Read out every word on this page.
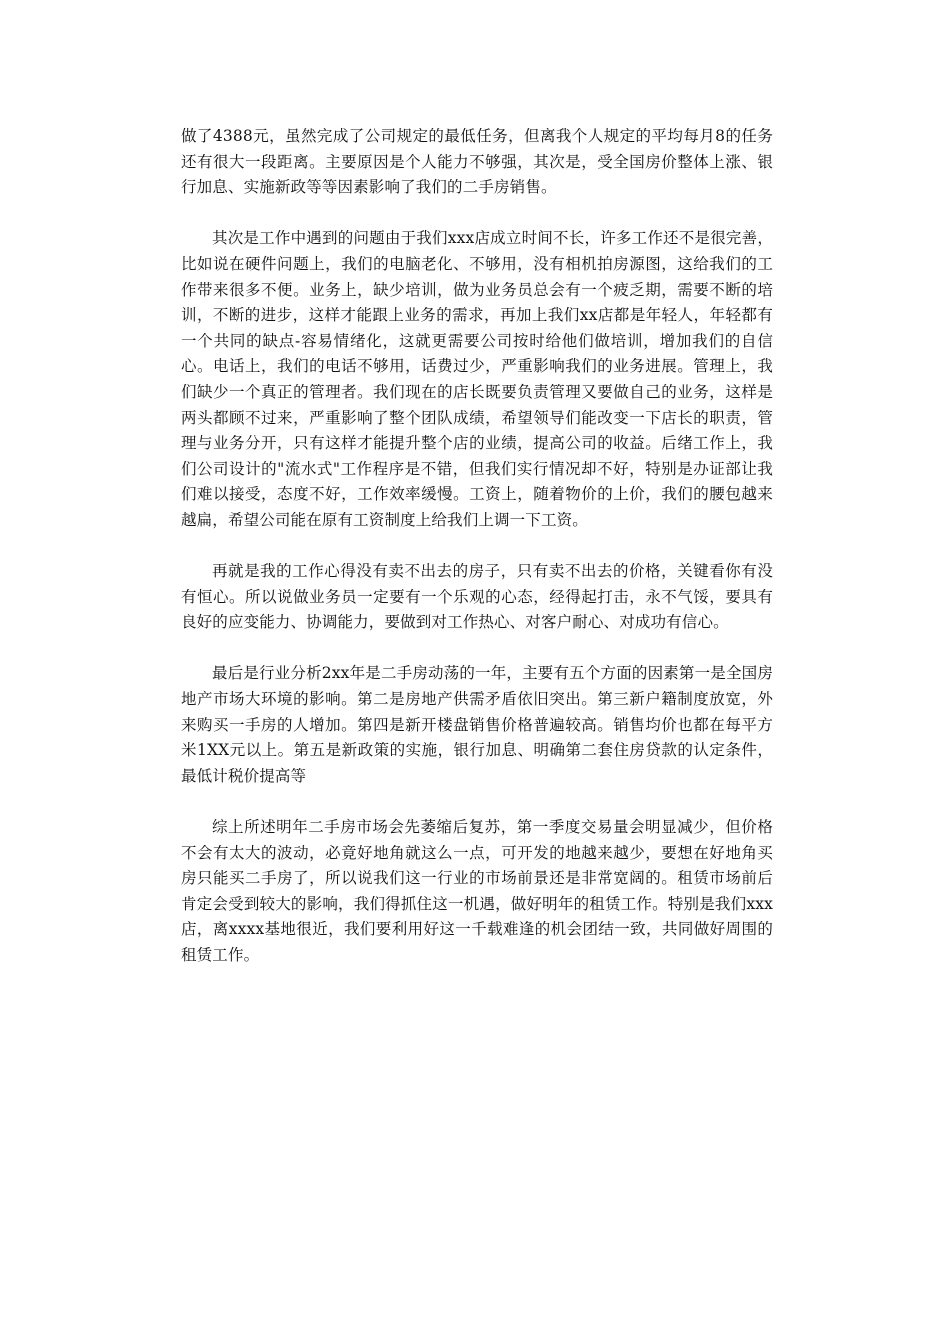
做了4388元，虽然完成了公司规定的最低任务，但离我个人规定的平均每月8的任务还有很大一段距离。主要原因是个人能力不够强，其次是，受全国房价整体上涨、银行加息、实施新政等等因素影响了我们的二手房销售。

其次是工作中遇到的问题由于我们xxx店成立时间不长，许多工作还不是很完善，比如说在硬件问题上，我们的电脑老化、不够用，没有相机拍房源图，这给我们的工作带来很多不便。业务上，缺少培训，做为业务员总会有一个疲乏期，需要不断的培训，不断的进步，这样才能跟上业务的需求，再加上我们xx店都是年轻人，年轻都有一个共同的缺点-容易情绪化，这就更需要公司按时给他们做培训，增加我们的自信心。电话上，我们的电话不够用，话费过少，严重影响我们的业务进展。管理上，我们缺少一个真正的管理者。我们现在的店长既要负责管理又要做自己的业务，这样是两头都顾不过来，严重影响了整个团队成绩，希望领导们能改变一下店长的职责，管理与业务分开，只有这样才能提升整个店的业绩，提高公司的收益。后绪工作上，我们公司设计的"流水式"工作程序是不错，但我们实行情况却不好，特别是办证部让我们难以接受，态度不好，工作效率缓慢。工资上，随着物价的上价，我们的腰包越来越扁，希望公司能在原有工资制度上给我们上调一下工资。

再就是我的工作心得没有卖不出去的房子，只有卖不出去的价格，关键看你有没有恒心。所以说做业务员一定要有一个乐观的心态，经得起打击，永不气馁，要具有良好的应变能力、协调能力，要做到对工作热心、对客户耐心、对成功有信心。

最后是行业分析2xx年是二手房动荡的一年，主要有五个方面的因素第一是全国房地产市场大环境的影响。第二是房地产供需矛盾依旧突出。第三新户籍制度放宽，外来购买一手房的人增加。第四是新开楼盘销售价格普遍较高。销售均价也都在每平方米1XX元以上。第五是新政策的实施，银行加息、明确第二套住房贷款的认定条件，最低计税价提高等

综上所述明年二手房市场会先萎缩后复苏，第一季度交易量会明显减少，但价格不会有太大的波动，必竟好地角就这么一点，可开发的地越来越少，要想在好地角买房只能买二手房了，所以说我们这一行业的市场前景还是非常宽阔的。租赁市场前后肯定会受到较大的影响，我们得抓住这一机遇，做好明年的租赁工作。特别是我们xxx店，离xxxx基地很近，我们要利用好这一千载难逢的机会团结一致，共同做好周围的租赁工作。
